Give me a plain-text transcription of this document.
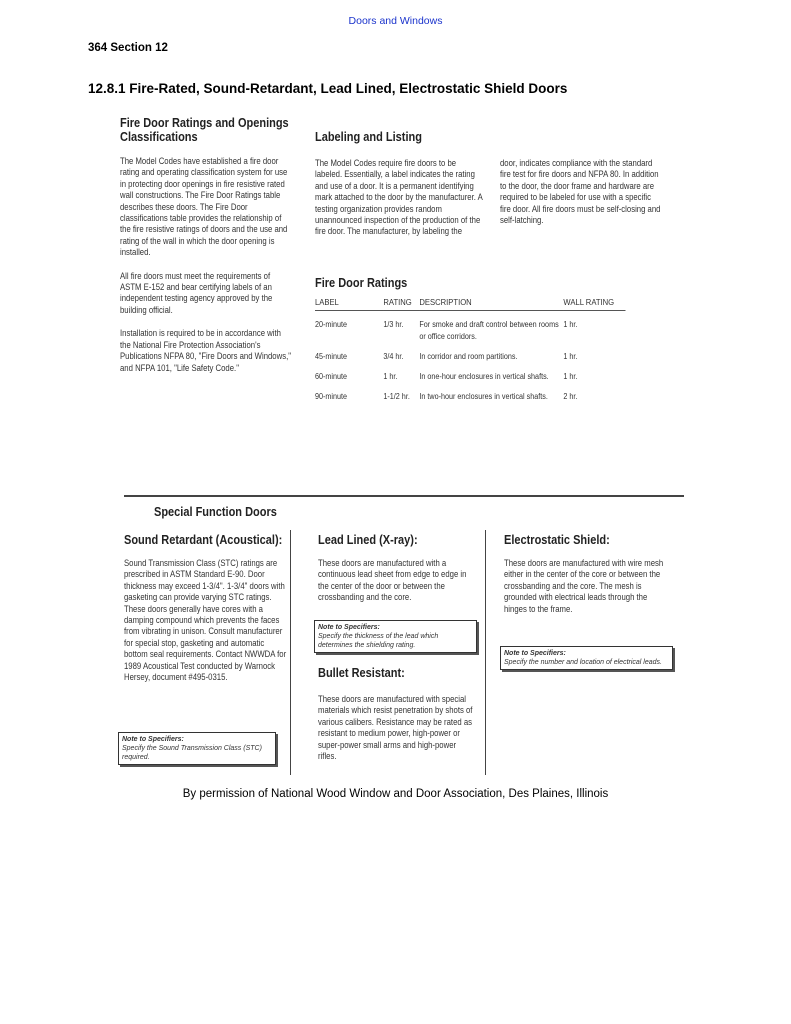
Doors and Windows
364 Section 12
12.8.1 Fire-Rated, Sound-Retardant, Lead Lined, Electrostatic Shield Doors
Fire Door Ratings and Openings Classifications

The Model Codes have established a fire door rating and operating classification system for use in protecting door openings in fire resistive rated wall constructions. The Fire Door Ratings table describes these doors. The Fire Door classifications table provides the relationship of the fire resistive ratings of doors and the use and rating of the wall in which the door opening is installed.

All fire doors must meet the requirements of ASTM E-152 and bear certifying labels of an independent testing agency approved by the building official.

Installation is required to be in accordance with the National Fire Protection Association's Publications NFPA 80, "Fire Doors and Windows," and NFPA 101, "Life Safety Code."

Labeling and Listing
The Model Codes require fire doors to be labeled. Essentially, a label indicates the rating and use of a door. It is a permanent identifying mark attached to the door by the manufacturer. A testing organization provides random unannounced inspection of the production of the fire door. The manufacturer, by labeling the
door, indicates compliance with the standard fire test for fire doors and NFPA 80. In addition to the door, the door frame and hardware are required to be labeled for use with a specific fire door. All fire doors must be self-closing and self-latching.
Fire Door Ratings
LABEL	RATING	DESCRIPTION	WALL RATING
20-minute	1/3 hr.	For smoke and draft control between rooms or office corridors.	1 hr.
45-minute	3/4 hr.	In corridor and room partitions.	1 hr.
60-minute	1 hr.	In one-hour enclosures in vertical shafts.	1 hr.
90-minute	1-1/2 hr.	In two-hour enclosures in vertical shafts.	2 hr.
Special Function Doors
Sound Retardant (Acoustical):
Sound Transmission Class (STC) ratings are prescribed in ASTM Standard E-90. Door thickness may exceed 1-3/4". 1-3/4" doors with gasketing can provide varying STC ratings. These doors generally have cores with a damping compound which prevents the faces from vibrating in unison. Consult manufacturer for special stop, gasketing and automatic bottom seal requirements. Contact NWWDA for 1989 Acoustical Test conducted by Warnock Hersey, document #495-0315.
Note to Specifiers:
Specify the Sound Transmission Class (STC) required.
Lead Lined (X-ray):
These doors are manufactured with a continuous lead sheet from edge to edge in the center of the door or between the crossbanding and the core.
Note to Specifiers:
Specify the thickness of the lead which determines the shielding rating.
Bullet Resistant:
These doors are manufactured with special materials which resist penetration by shots of various calibers. Resistance may be rated as resistant to medium power, high-power or super-power small arms and high-power rifles.
Electrostatic Shield:
These doors are manufactured with wire mesh either in the center of the core or between the crossbanding and the core. The mesh is grounded with electrical leads through the hinges to the frame.
Note to Specifiers:
Specify the number and location of electrical leads.
By permission of National Wood Window and Door Association, Des Plaines, Illinois
